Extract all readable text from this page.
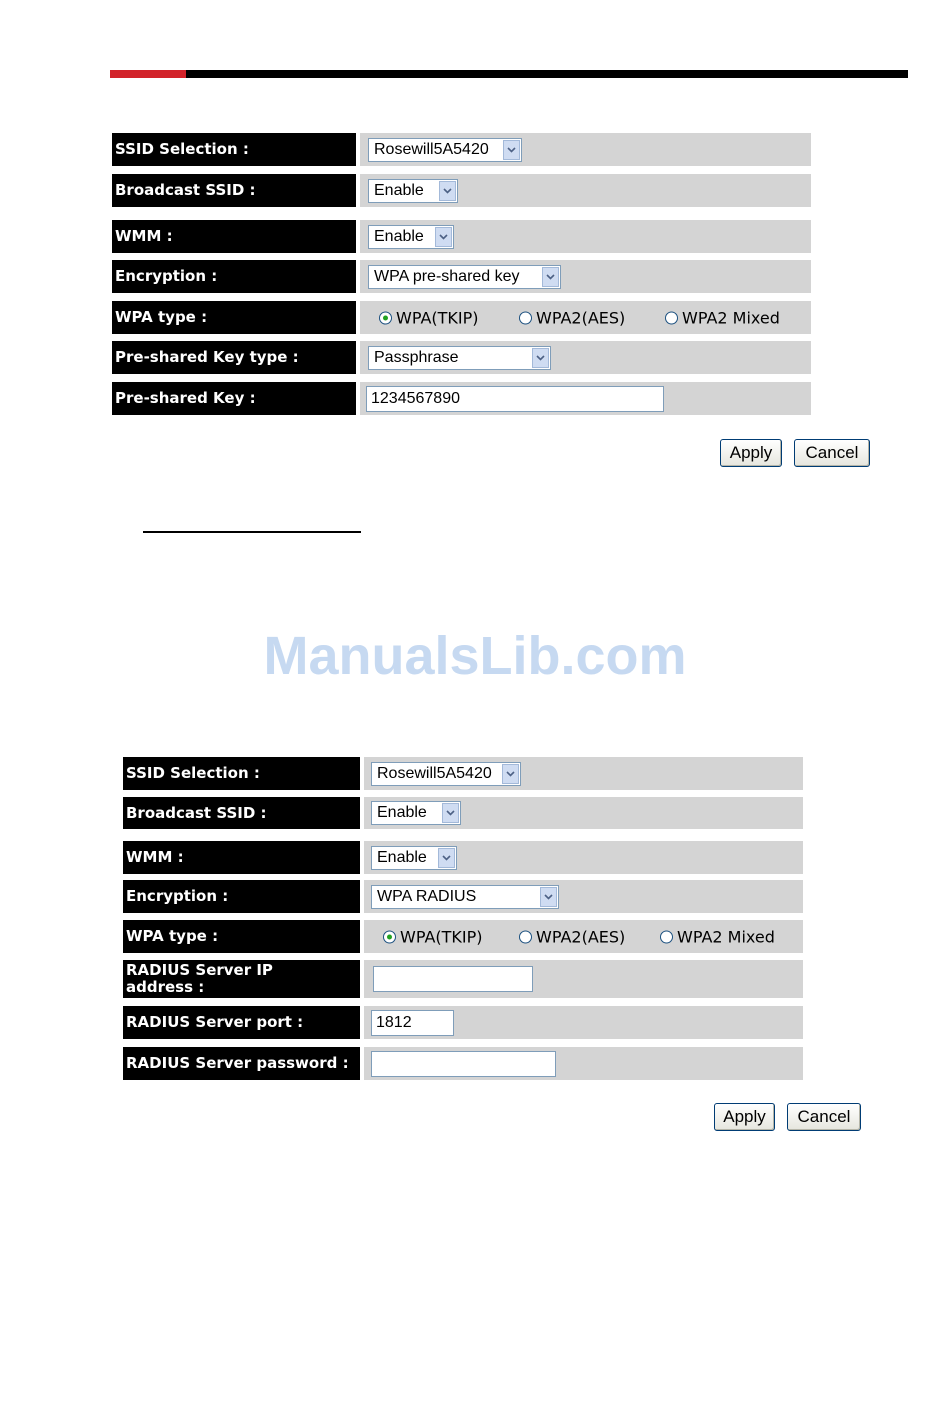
SSID Selection :	Rosewill5A5420
Broadcast SSID :	Enable
WMM :	Enable
Encryption :	WPA pre-shared key
WPA type :	WPA(TKIP)	WPA2(AES)	WPA2 Mixed
Pre-shared Key type :	Passphrase
Pre-shared Key :	1234567890
Apply	Cancel
ManualsLib.com
SSID Selection :	Rosewill5A5420
Broadcast SSID :	Enable
WMM :	Enable
Encryption :	WPA RADIUS
WPA type :	WPA(TKIP)	WPA2(AES)	WPA2 Mixed
RADIUS Server IP address :
RADIUS Server port :	1812
RADIUS Server password :
Apply	Cancel
